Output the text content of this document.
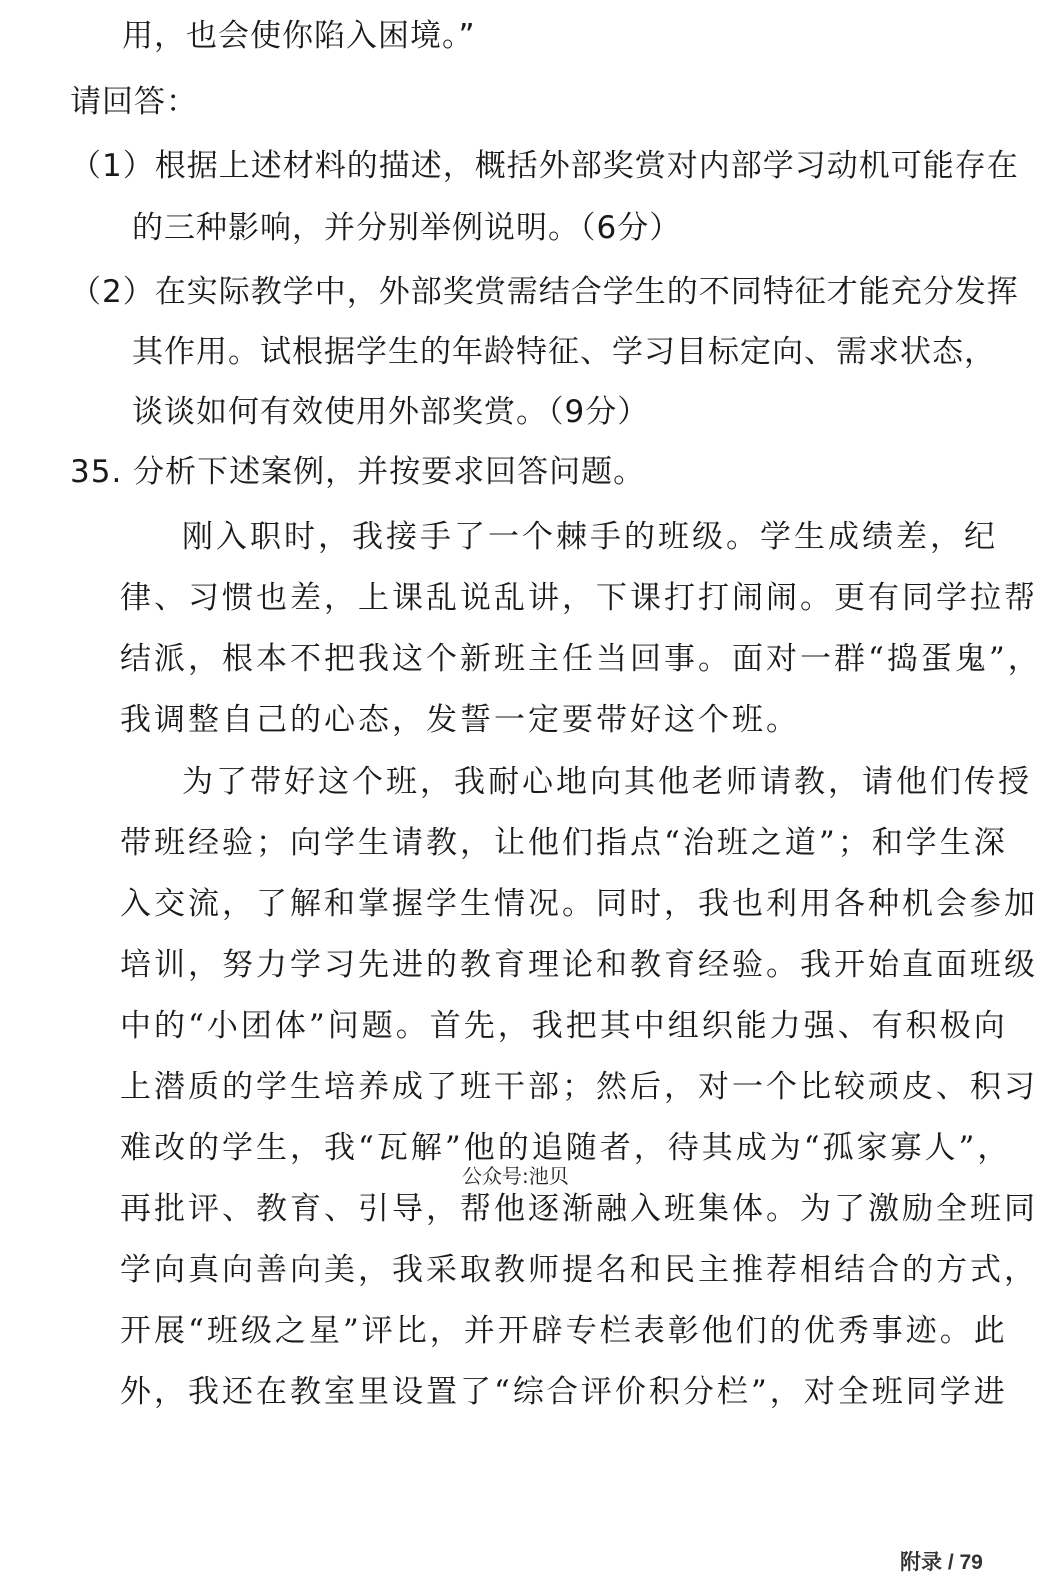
用，也会使你陷入困境。”
请回答：
（1）根据上述材料的描述，概括外部奖赏对内部学习动机可能存在
的三种影响，并分别举例说明。（6分）
（2）在实际教学中，外部奖赏需结合学生的不同特征才能充分发挥
其作用。试根据学生的年龄特征、学习目标定向、需求状态，
谈谈如何有效使用外部奖赏。（9分）
35. 分析下述案例，并按要求回答问题。
刚入职时，我接手了一个棘手的班级。学生成绩差，纪
律、习惯也差，上课乱说乱讲，下课打打闹闹。更有同学拉帮
结派，根本不把我这个新班主任当回事。面对一群“捣蛋鬼”，
我调整自己的心态，发誓一定要带好这个班。
为了带好这个班，我耐心地向其他老师请教，请他们传授
带班经验；向学生请教，让他们指点“治班之道”；和学生深
入交流，了解和掌握学生情况。同时，我也利用各种机会参加
培训，努力学习先进的教育理论和教育经验。我开始直面班级
中的“小团体”问题。首先，我把其中组织能力强、有积极向
上潜质的学生培养成了班干部；然后，对一个比较顽皮、积习
难改的学生，我“瓦解”他的追随者，待其成为“孤家寡人”，
再批评、教育、引导，帮他逐渐融入班集体。为了激励全班同
学向真向善向美，我采取教师提名和民主推荐相结合的方式，
开展“班级之星”评比，并开辟专栏表彰他们的优秀事迹。此
外，我还在教室里设置了“综合评价积分栏”，对全班同学进
公众号:池贝
附录 / 79
